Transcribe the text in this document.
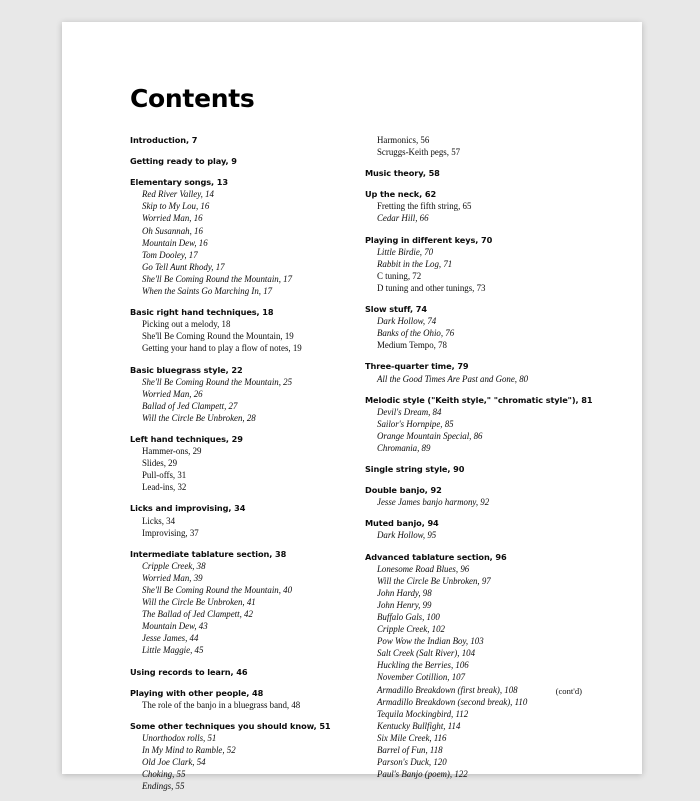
Contents
Introduction, 7
Getting ready to play, 9
Elementary songs, 13
Red River Valley, 14
Skip to My Lou, 16
Worried Man, 16
Oh Susannah, 16
Mountain Dew, 16
Tom Dooley, 17
Go Tell Aunt Rhody, 17
She'll Be Coming Round the Mountain, 17
When the Saints Go Marching In, 17
Basic right hand techniques, 18
Picking out a melody, 18
She'll Be Coming Round the Mountain, 19
Getting your hand to play a flow of notes, 19
Basic bluegrass style, 22
She'll Be Coming Round the Mountain, 25
Worried Man, 26
Ballad of Jed Clampett, 27
Will the Circle Be Unbroken, 28
Left hand techniques, 29
Hammer-ons, 29
Slides, 29
Pull-offs, 31
Lead-ins, 32
Licks and improvising, 34
Licks, 34
Improvising, 37
Intermediate tablature section, 38
Cripple Creek, 38
Worried Man, 39
She'll Be Coming Round the Mountain, 40
Will the Circle Be Unbroken, 41
The Ballad of Jed Clampett, 42
Mountain Dew, 43
Jesse James, 44
Little Maggie, 45
Using records to learn, 46
Playing with other people, 48
The role of the banjo in a bluegrass band, 48
Some other techniques you should know, 51
Unorthodox rolls, 51
In My Mind to Ramble, 52
Old Joe Clark, 54
Choking, 55
Endings, 55
Harmonics, 56
Scruggs-Keith pegs, 57
Music theory, 58
Up the neck, 62
Fretting the fifth string, 65
Cedar Hill, 66
Playing in different keys, 70
Little Birdie, 70
Rabbit in the Log, 71
C tuning, 72
D tuning and other tunings, 73
Slow stuff, 74
Dark Hollow, 74
Banks of the Ohio, 76
Medium Tempo, 78
Three-quarter time, 79
All the Good Times Are Past and Gone, 80
Melodic style ("Keith style," "chromatic style"), 81
Devil's Dream, 84
Sailor's Hornpipe, 85
Orange Mountain Special, 86
Chromania, 89
Single string style, 90
Double banjo, 92
Jesse James banjo harmony, 92
Muted banjo, 94
Dark Hollow, 95
Advanced tablature section, 96
Lonesome Road Blues, 96
Will the Circle Be Unbroken, 97
John Hardy, 98
John Henry, 99
Buffalo Gals, 100
Cripple Creek, 102
Pow Wow the Indian Boy, 103
Salt Creek (Salt River), 104
Huckling the Berries, 106
November Cotillion, 107
Armadillo Breakdown (first break), 108
Armadillo Breakdown (second break), 110
Tequila Mockingbird, 112
Kentucky Bullfight, 114
Six Mile Creek, 116
Barrel of Fun, 118
Parson's Duck, 120
Paul's Banjo (poem), 122
(cont'd)
